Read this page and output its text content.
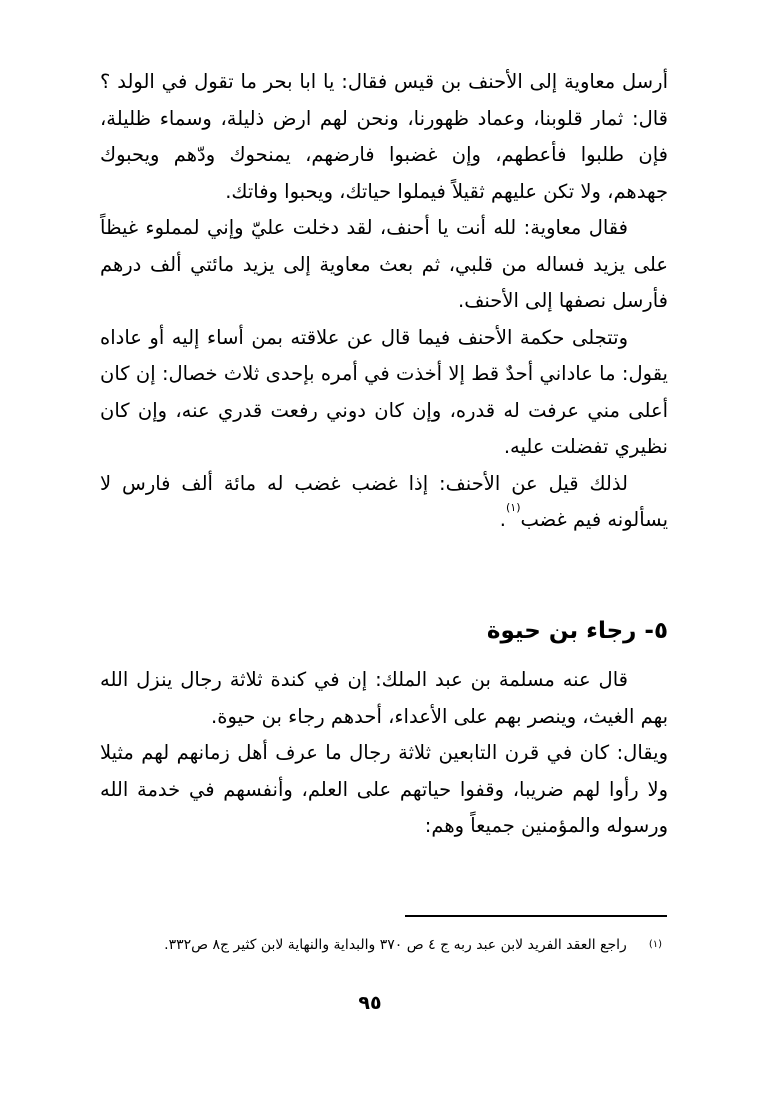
أرسل معاوية إلى الأحنف بن قيس فقال: يا ابا بحر ما تقول في الولد ؟ قال: ثمار قلوبنا، وعماد ظهورنا، ونحن لهم ارض ذليلة، وسماء ظليلة، فإن طلبوا فأعطهم، وإن غضبوا فارضهم، يمنحوك ودّهم ويحبوك جهدهم، ولا تكن عليهم ثقيلاً فيملوا حياتك، ويحبوا وفاتك.

فقال معاوية: لله أنت يا أحنف، لقد دخلت عليّ وإني لمملوء غيظاً على يزيد فساله من قلبي، ثم بعث معاوية إلى يزيد مائتي ألف درهم فأرسل نصفها إلى الأحنف.

وتتجلى حكمة الأحنف فيما قال عن علاقته بمن أساء إليه أو عاداه يقول: ما عاداني أحدٌ قط إلا أخذت في أمره بإحدى ثلاث خصال: إن كان أعلى مني عرفت له قدره، وإن كان دوني رفعت قدري عنه، وإن كان نظيري تفضلت عليه.

لذلك قيل عن الأحنف: إذا غضب غضب له مائة ألف فارس لا يسألونه فيم غضب$^{(١)}$.

٥- رجاء بن حيوة

قال عنه مسلمة بن عبد الملك: إن في كندة ثلاثة رجال ينزل الله بهم الغيث، وينصر بهم على الأعداء، أحدهم رجاء بن حيوة.

ويقال: كان في قرن التابعين ثلاثة رجال ما عرف أهل زمانهم لهم مثيلا ولا رأوا لهم ضريبا، وقفوا حياتهم على العلم، وأنفسهم في خدمة الله ورسوله والمؤمنين جميعاً وهم:

$^{(١)}$راجع العقد الفريد لابن عبد ربه ج ٤ ص ٣٧٠ والبداية والنهاية لابن كثير ج٨ ص٣٣٢.
٩٥
